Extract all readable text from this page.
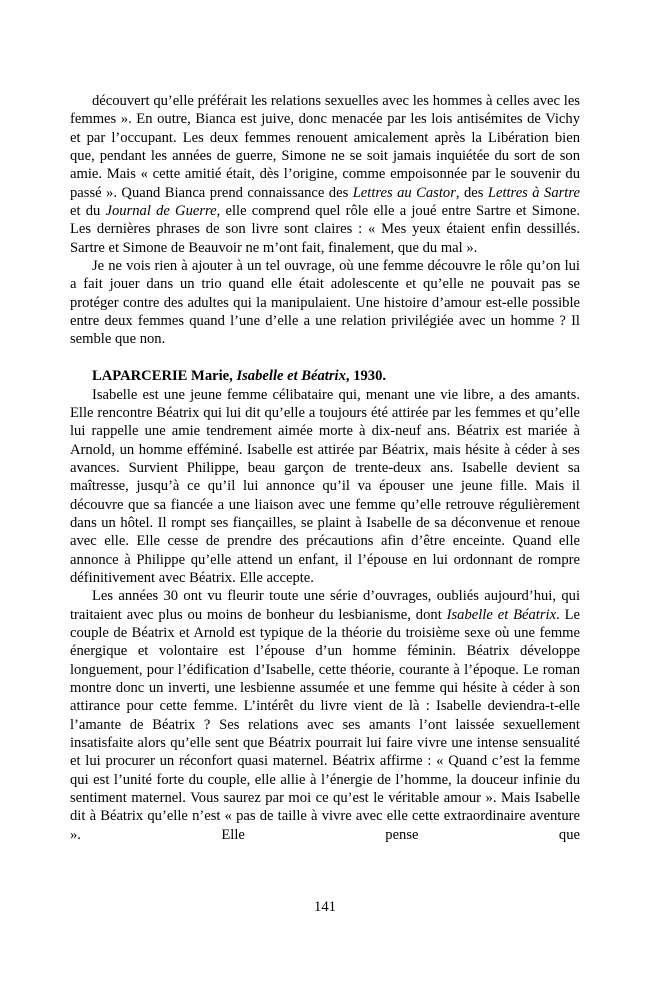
découvert qu’elle préférait les relations sexuelles avec les hommes à celles avec les femmes ». En outre, Bianca est juive, donc menacée par les lois antisémites de Vichy et par l’occupant. Les deux femmes renouent amicalement après la Libération bien que, pendant les années de guerre, Simone ne se soit jamais inquiétée du sort de son amie. Mais « cette amitié était, dès l’origine, comme empoisonnée par le souvenir du passé ». Quand Bianca prend connaissance des Lettres au Castor, des Lettres à Sartre et du Journal de Guerre, elle comprend quel rôle elle a joué entre Sartre et Simone. Les dernières phrases de son livre sont claires : « Mes yeux étaient enfin dessillés. Sartre et Simone de Beauvoir ne m’ont fait, finalement, que du mal ».

Je ne vois rien à ajouter à un tel ouvrage, où une femme découvre le rôle qu’on lui a fait jouer dans un trio quand elle était adolescente et qu’elle ne pouvait pas se protéger contre des adultes qui la manipulaient. Une histoire d’amour est-elle possible entre deux femmes quand l’une d’elle a une relation privilégiée avec un homme ? Il semble que non.

LAPARCERIE Marie, Isabelle et Béatrix, 1930.

Isabelle est une jeune femme célibataire qui, menant une vie libre, a des amants. Elle rencontre Béatrix qui lui dit qu’elle a toujours été attirée par les femmes et qu’elle lui rappelle une amie tendrement aimée morte à dix-neuf ans. Béatrix est mariée à Arnold, un homme efféminé. Isabelle est attirée par Béatrix, mais hésite à céder à ses avances. Survient Philippe, beau garçon de trente-deux ans. Isabelle devient sa maîtresse, jusqu’à ce qu’il lui annonce qu’il va épouser une jeune fille. Mais il découvre que sa fiancée a une liaison avec une femme qu’elle retrouve régulièrement dans un hôtel. Il rompt ses fiançailles, se plaint à Isabelle de sa déconvenue et renoue avec elle. Elle cesse de prendre des précautions afin d’être enceinte. Quand elle annonce à Philippe qu’elle attend un enfant, il l’épouse en lui ordonnant de rompre définitivement avec Béatrix. Elle accepte.

Les années 30 ont vu fleurir toute une série d’ouvrages, oubliés aujourd’hui, qui traitaient avec plus ou moins de bonheur du lesbianisme, dont Isabelle et Béatrix. Le couple de Béatrix et Arnold est typique de la théorie du troisième sexe où une femme énergique et volontaire est l’épouse d’un homme féminin. Béatrix développe longuement, pour l’édification d’Isabelle, cette théorie, courante à l’époque. Le roman montre donc un inverti, une lesbienne assumée et une femme qui hésite à céder à son attirance pour cette femme. L’intérêt du livre vient de là : Isabelle deviendra-t-elle l’amante de Béatrix ? Ses relations avec ses amants l’ont laissée sexuellement insatisfaite alors qu’elle sent que Béatrix pourrait lui faire vivre une intense sensualité et lui procurer un réconfort quasi maternel. Béatrix affirme : « Quand c’est la femme qui est l’unité forte du couple, elle allie à l’énergie de l’homme, la douceur infinie du sentiment maternel. Vous saurez par moi ce qu’est le véritable amour ». Mais Isabelle dit à Béatrix qu’elle n’est « pas de taille à vivre avec elle cette extraordinaire aventure ». Elle pense que

141
